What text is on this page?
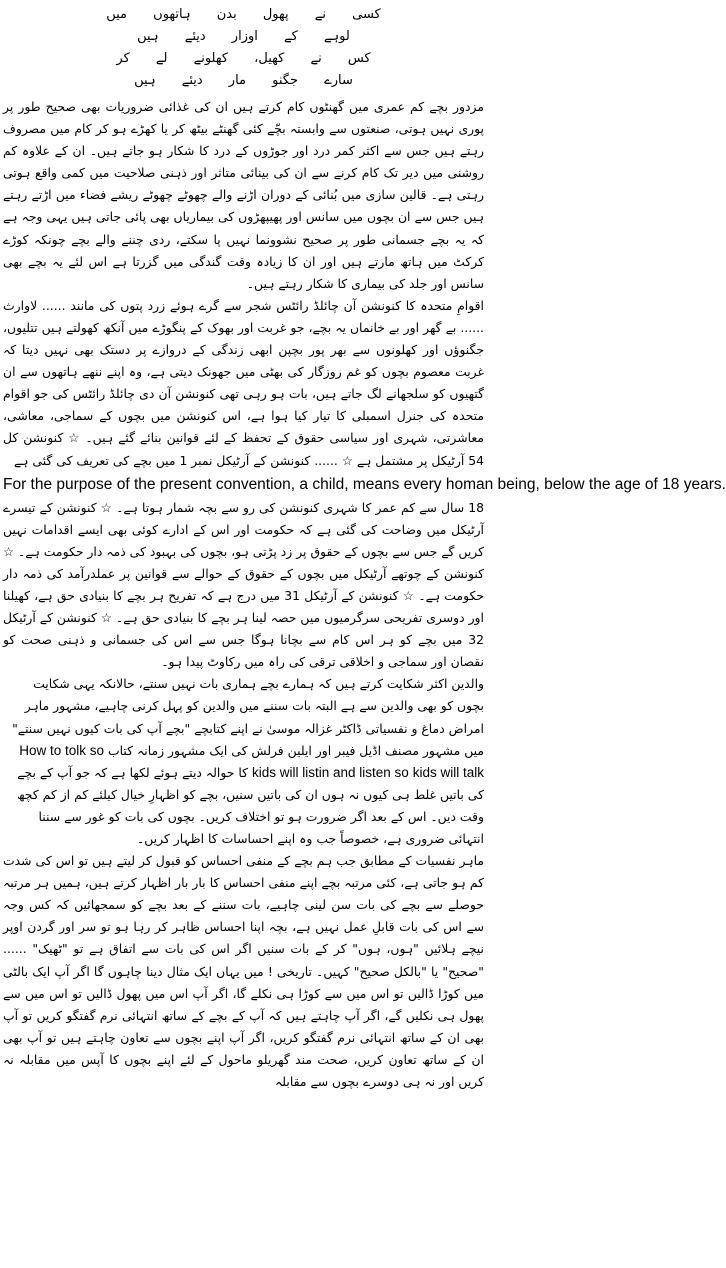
کسی نے پھول بدن ہاتھوں میں
لوہے کے اوزار دیئے ہیں
کس نے کھیل، کھلونے لے کر
سارے جگنو مار دیئے ہیں

مزدور بچے کم عمری میں گھنٹوں کام کرتے ہیں ان کی غذائی ضروریات بھی صحیح طور پر پوری نہیں ہوتی، صنعتوں سے وابستہ بچّے کئی گھنٹے بیٹھ کر یا کھڑے ہو کر کام میں مصروف رہتے ہیں جس سے اکثر کمر درد اور جوڑوں کے درد کا شکار ہو جاتے ہیں۔ ان کے علاوہ کم روشنی میں دیر تک کام کرنے سے ان کی بینائی متاثر اور ذہنی صلاحیت میں کمی واقع ہوتی رہتی ہے۔ قالین سازی میں بُنائی کے دوران اڑنے والے چھوٹے چھوٹے ریشے فضاء میں اڑتے رہتے ہیں جس سے ان بچوں میں سانس اور پھیپھڑوں کی بیماریاں بھی پائی جاتی ہیں یہی وجہ ہے کہ یہ بچے جسمانی طور پر صحیح نشوونما نہیں پا سکتے، ردی چننے والے بچے چونکہ کوڑے کرکٹ میں ہاتھ مارتے ہیں اور ان کا زیادہ وقت گندگی میں گزرتا ہے اس لئے یہ بچے بھی سانس اور جلد کی بیماری کا شکار رہتے ہیں۔

اقوامِ متحدہ کا کنونشن آن چائلڈ رائٹس شجر سے گرے ہوئے زرد پتوں کی مانند ...... لاوارث ...... بے گھر اور بے خانماں یہ بچے، جو غربت اور بھوک کے پنگوڑے میں آنکھ کھولتے ہیں تتلیوں، جگنوؤں اور کھلونوں سے بھر پور بچپن ابھی زندگی کے دروازے پر دستک بھی نہیں دیتا کہ غربت معصوم بچوں کو غم روزگار کی بھٹی میں جھونک دیتی ہے، وہ اپنے ننھے ہاتھوں سے ان گتھیوں کو سلجھانے لگ جاتے ہیں، بات ہو رہی تھی کنونشن آن دی چائلڈ رائٹس کی جو اقوام متحدہ کی جنرل اسمبلی کا تیار کیا ہوا ہے، اس کنونشن میں بچوں کے سماجی، معاشی، معاشرتی، شہری اور سیاسی حقوق کے تحفظ کے لئے قوانین بنائے گئے ہیں۔ ☆ کنونشن کل 54 آرٹیکل پر مشتمل ہے ☆ ...... کنونشن کے آرٹیکل نمبر 1 میں بچے کی تعریف کی گئی ہے

For the purpose of the present convention, a child, means every homan being, below the age of 18 years.

18 سال سے کم عمر کا شہری کنونشن کی رو سے بچہ شمار ہوتا ہے۔ ☆ کنونشن کے تیسرے آرٹیکل میں وضاحت کی گئی ہے کہ حکومت اور اس کے ادارے کوئی بھی ایسے اقدامات نہیں کریں گے جس سے بچوں کے حقوق پر زد پڑتی ہو، بچوں کی بہبود کی ذمہ دار حکومت ہے۔ ☆ کنونشن کے چوتھے آرٹیکل میں بچوں کے حقوق کے حوالے سے قوانین پر عملدرآمد کی ذمہ دار حکومت ہے۔ ☆ کنونشن کے آرٹیکل 31 میں درج ہے کہ تفریح ہر بچے کا بنیادی حق ہے، کھیلنا اور دوسری تفریحی سرگرمیوں میں حصہ لینا ہر بچے کا بنیادی حق ہے۔ ☆ کنونشن کے آرٹیکل 32 میں بچے کو ہر اس کام سے بچانا ہوگا جس سے اس کی جسمانی و ذہنی صحت کو نقصان اور سماجی و اخلاقی ترقی کی راہ میں رکاوٹ پیدا ہو۔

والدین اکثر شکایت کرتے ہیں کہ ہمارے بچے ہماری بات نہیں سنتے، حالانکہ یہی شکایت بچوں کو بھی والدین سے ہے البتہ بات سننے میں والدین کو پہل کرنی چاہیے، مشہور ماہر امراض دماغ و نفسیاتی ڈاکٹر غزالہ موسیٰ نے اپنے کتابچے "بچے آپ کی بات کیوں نہیں سنتے" میں مشہور مصنف اڈیل فیبر اور ایلین فرلش کی ایک مشہور زمانہ کتاب How to tolk so kids will listin and listen so kids will talk کا حوالہ دیتے ہوئے لکھا ہے کہ جو آپ کے بچے کی باتیں غلط ہی کیوں نہ ہوں ان کی باتیں سنیں، بچے کو اظہارِ خیال کیلئے کم از کم کچھ وقت دیں۔ اس کے بعد اگر ضرورت ہو تو اختلاف کریں۔ بچوں کی بات کو غور سے سننا انتہائی ضروری ہے، خصوصاً جب وہ اپنے احساسات کا اظہار کریں۔

ماہر نفسیات کے مطابق جب ہم بچے کے منفی احساس کو قبول کر لیتے ہیں تو اس کی شدت کم ہو جاتی ہے، کئی مرتبہ بچے اپنے منفی احساس کا بار بار اظہار کرتے ہیں، ہمیں ہر مرتبہ حوصلے سے بچے کی بات سن لینی چاہیے، بات سننے کے بعد بچے کو سمجھائیں کہ کس وجہ سے اس کی بات قابلِ عمل نہیں ہے، بچہ اپنا احساس ظاہر کر رہا ہو تو سر اور گردن اوپر نیچے ہلائیں "ہوں، ہوں" کر کے بات سنیں اگر اس کی بات سے اتفاق ہے تو "ٹھیک" ...... "صحیح" یا "بالکل صحیح" کہیں۔ تاریخی ! میں یہاں ایک مثال دینا چاہوں گا اگر آپ ایک بالٹی میں کوڑا ڈالیں تو اس میں سے کوڑا ہی نکلے گا، اگر آپ اس میں پھول ڈالیں تو اس میں سے پھول ہی نکلیں گے، اگر آپ چاہتے ہیں کہ آپ کے بچے کے ساتھ انتہائی نرم گفتگو کریں تو آپ بھی ان کے ساتھ انتہائی نرم گفتگو کریں، اگر آپ اپنے بچوں سے تعاون چاہتے ہیں تو آپ بھی ان کے ساتھ تعاون کریں، صحت مند گھریلو ماحول کے لئے اپنے بچوں کا آپس میں مقابلہ نہ کریں اور نہ ہی دوسرے بچوں سے مقابلہ
